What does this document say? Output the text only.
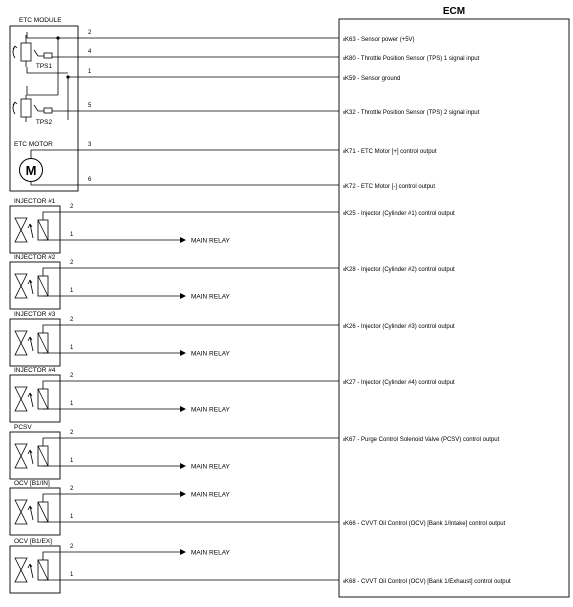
ECM
ETC MODULE
TPS1
TPS2
ETC MOTOR
M
2
K63 - Sensor power (+5V)
4
K80 - Throttle Position Sensor (TPS) 1 signal input
1
K59 - Sensor ground
5
K32 - Throttle Position Sensor (TPS) 2 signal input
3
K71 - ETC Motor [+] control output
6
K72 - ETC Motor [-] control output
INJECTOR #1
2
1
MAIN RELAY
K25 - Injector (Cylinder #1) control output
INJECTOR #2
2
1
MAIN RELAY
K28 - Injector (Cylinder #2) control output
INJECTOR #3
2
1
MAIN RELAY
K26 - Injector (Cylinder #3) control output
INJECTOR #4
2
1
MAIN RELAY
K27 - Injector (Cylinder #4) control output
PCSV
2
1
MAIN RELAY
K67 - Purge Control Solenoid Valve (PCSV) control output
OCV [B1/IN]
1
2
MAIN RELAY
K66 - CVVT Oil Control (OCV) [Bank 1/Intake] control output
OCV [B1/EX]
1
2
MAIN RELAY
K68 - CVVT Oil Control (OCV) [Bank 1/Exhaust] control output
